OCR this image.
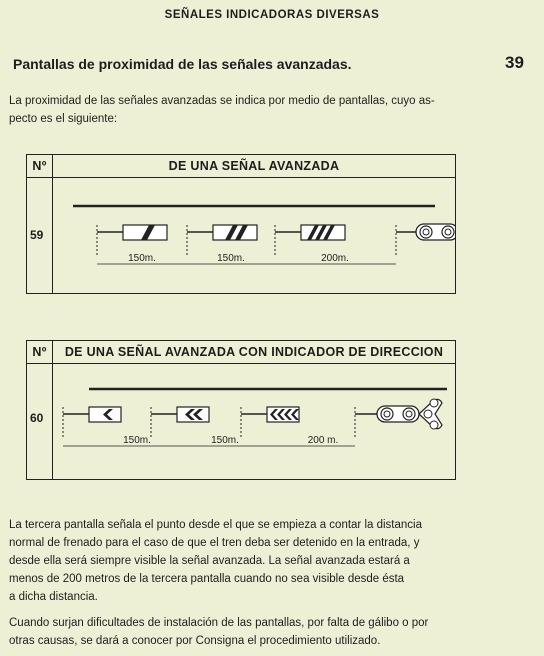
SEÑALES INDICADORAS DIVERSAS
Pantallas de proximidad de las señales avanzadas.	39
La proximidad de las señales avanzadas se indica por medio de pantallas, cuyo as-
pecto es el siguiente:
Nº	DE UNA SEÑAL AVANZADA
59
150m.	150m.	200m.
Nº	DE UNA SEÑAL AVANZADA CON INDICADOR DE DIRECCION
60
150m.	150m.	200 m.
La tercera pantalla señala el punto desde el que se empieza a contar la distancia
normal de frenado para el caso de que el tren deba ser detenido en la entrada, y
desde ella será siempre visible la señal avanzada. La señal avanzada estará a
menos de 200 metros de la tercera pantalla cuando no sea visible desde ésta
a dicha distancia.
Cuando surjan dificultades de instalación de las pantallas, por falta de gálibo o por
otras causas, se dará a conocer por Consigna el procedimiento utilizado.
